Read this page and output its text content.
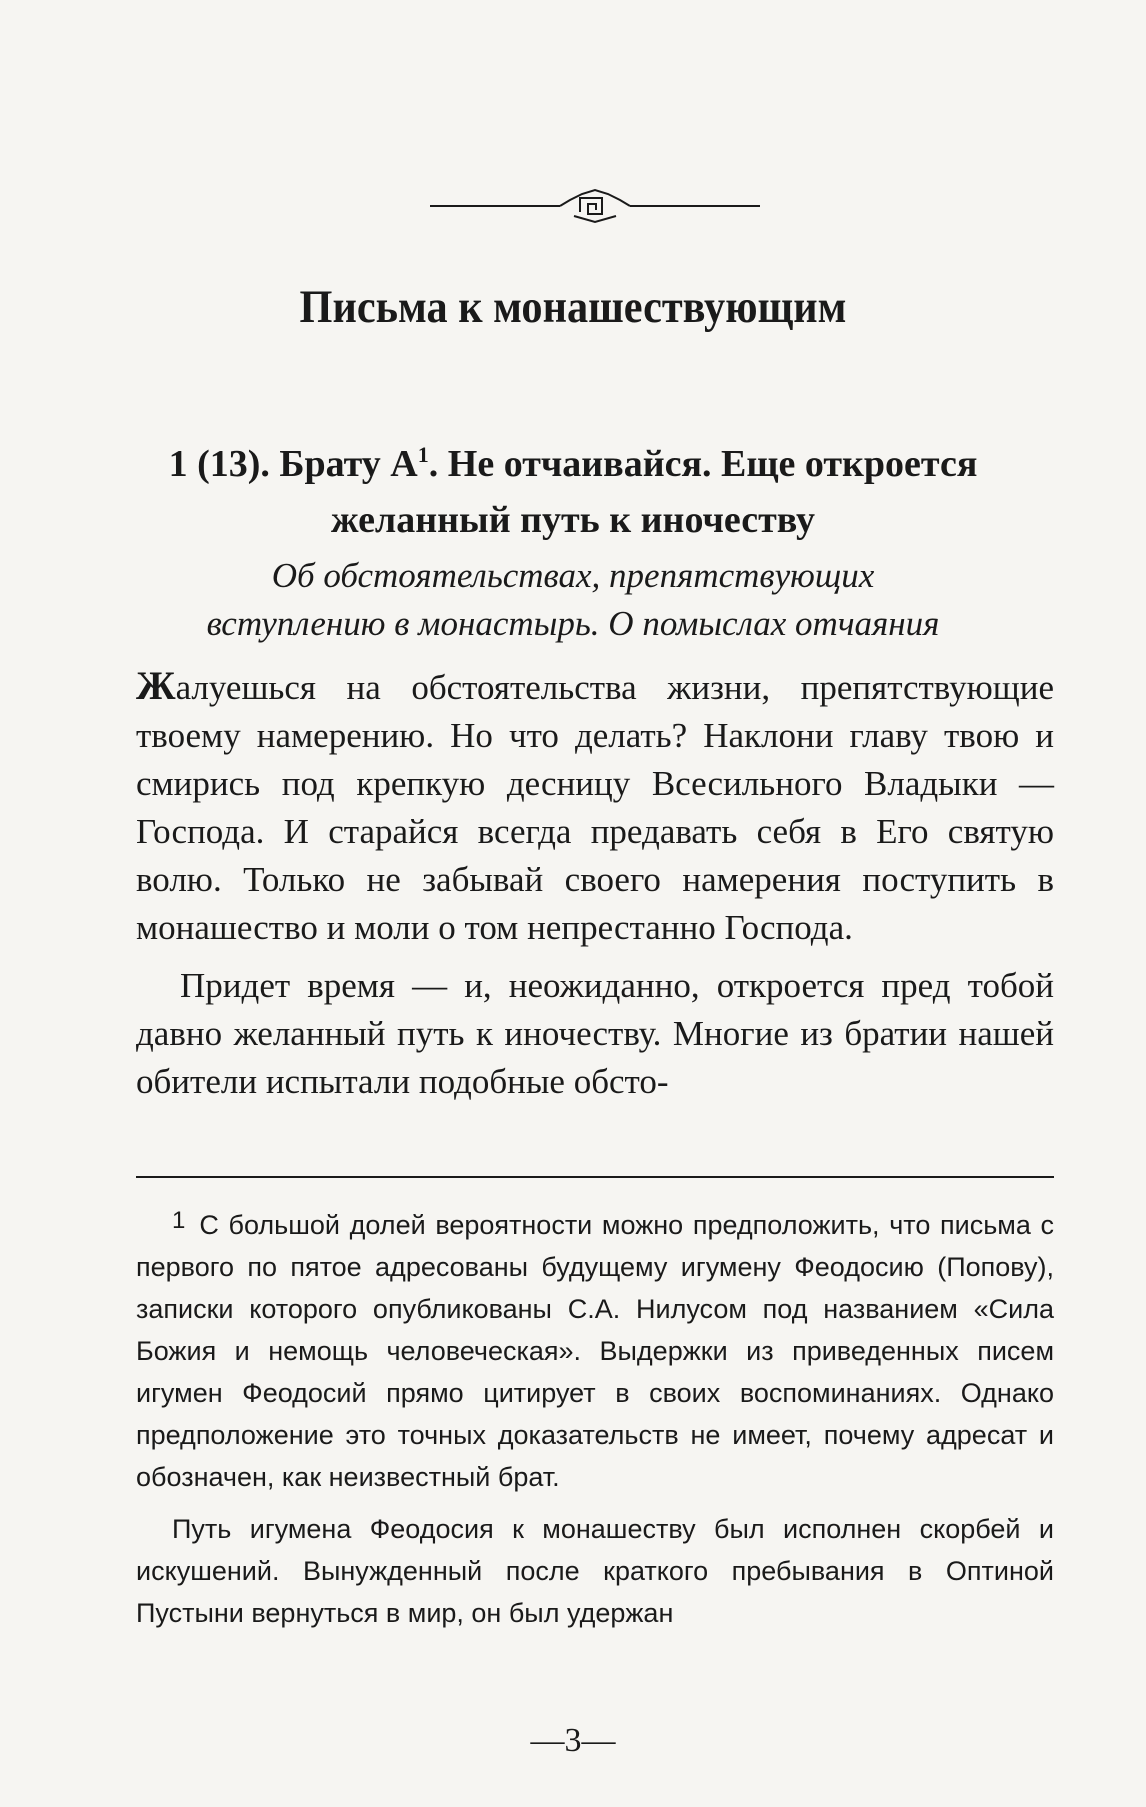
Письма к монашествующим
1 (13). Брату $А^1$. Не отчаивайся. Еще откроется
желанный путь к иночеству
Об обстоятельствах, препятствующих
вступлению в монастырь. О помыслах отчаяния

Жалуешься на обстоятельства жизни, препятствующие твоему намерению. Но что делать? Наклони главу твою и смирись под крепкую десницу Всесильного Владыки — Господа. И старайся всегда предавать себя в Его святую волю. Только не забывай своего намерения поступить в монашество и моли о том непрестанно Господа.

Придет время — и, неожиданно, откроется пред тобой давно желанный путь к иночеству. Многие из братии нашей обители испытали подобные обсто-

1 С большой долей вероятности можно предположить, что письма с первого по пятое адресованы будущему игумену Феодосию (Попову), записки которого опубликованы С.А. Нилусом под названием «Сила Божия и немощь человеческая». Выдержки из приведенных писем игумен Феодосий прямо цитирует в своих воспоминаниях. Однако предположение это точных доказательств не имеет, почему адресат и обозначен, как неизвестный брат.

Путь игумена Феодосия к монашеству был исполнен скорбей и искушений. Вынужденный после краткого пребывания в Оптиной Пустыни вернуться в мир, он был удержан

—3—
